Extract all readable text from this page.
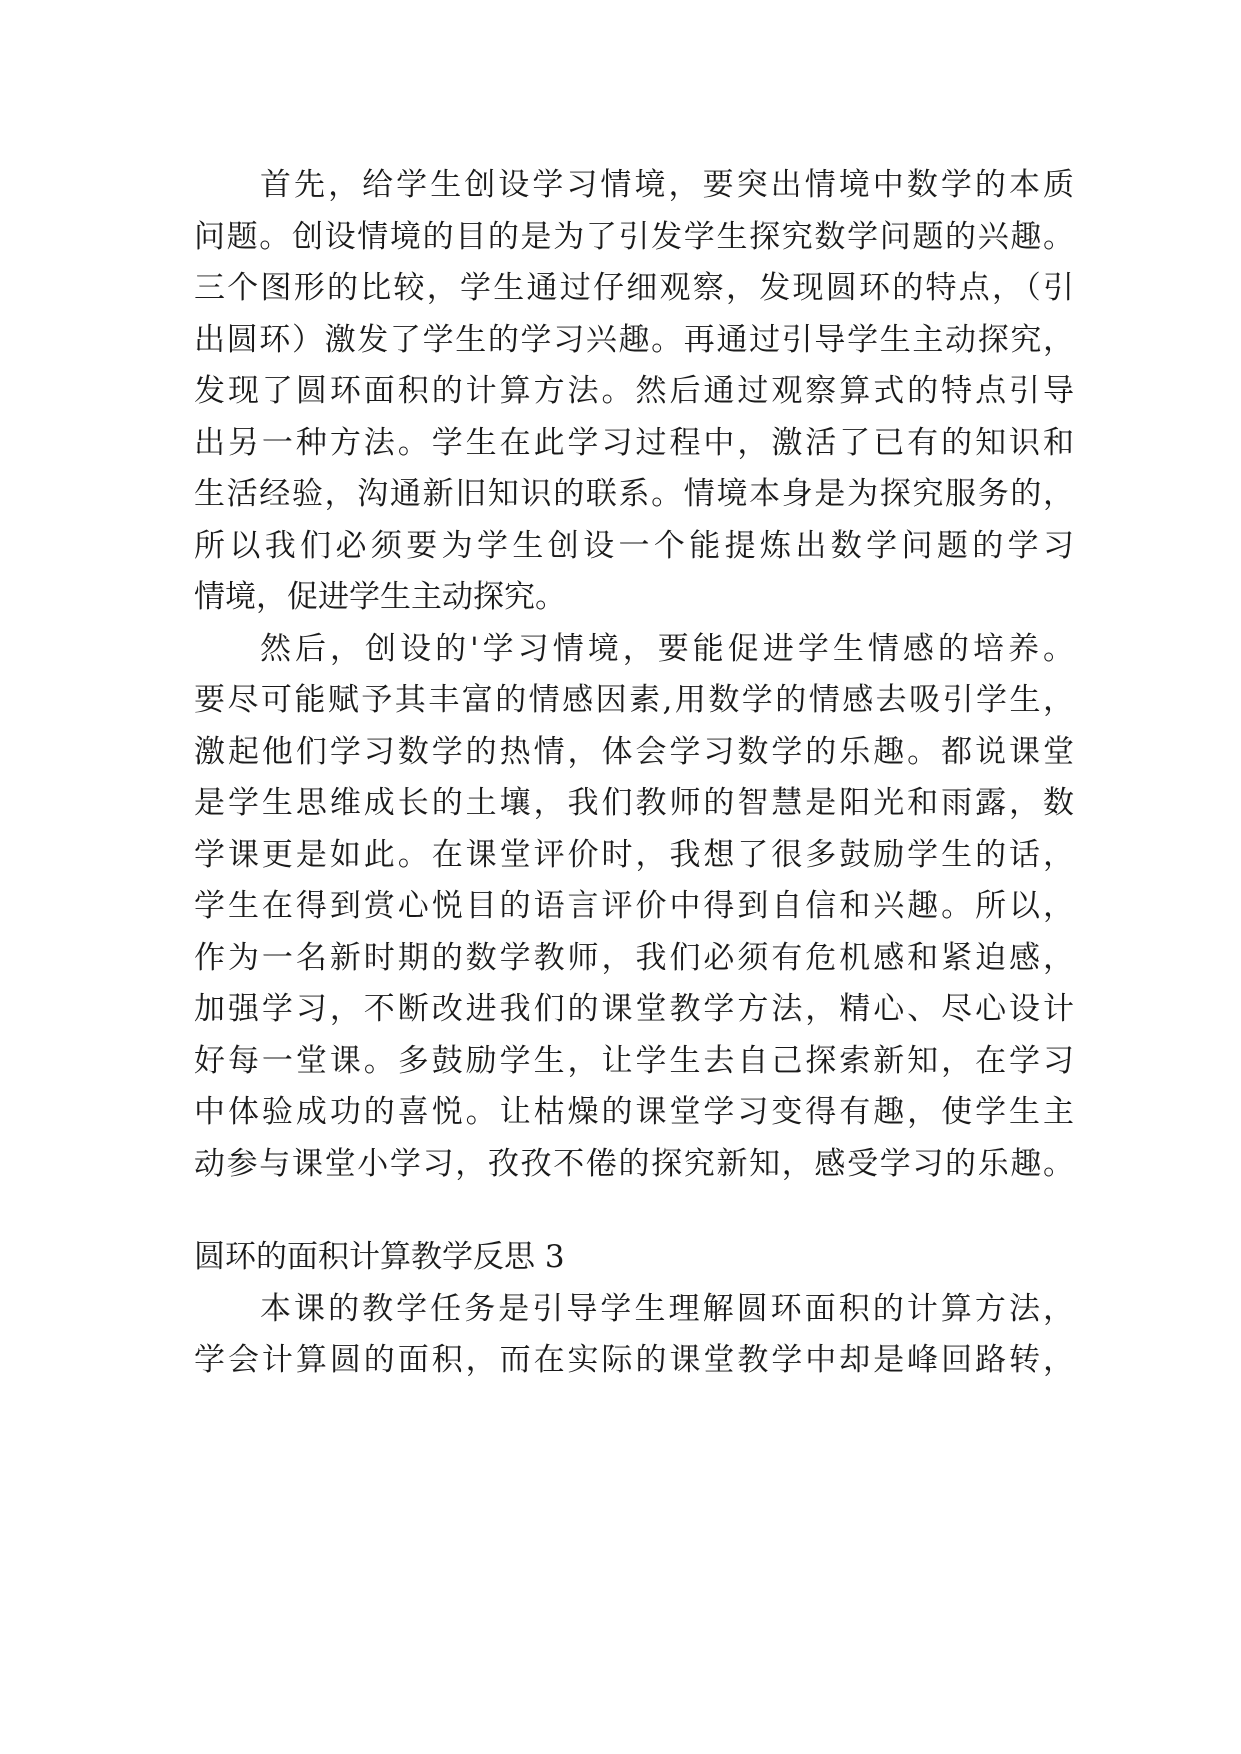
首先，给学生创设学习情境，要突出情境中数学的本质
问题。创设情境的目的是为了引发学生探究数学问题的兴趣。
三个图形的比较，学生通过仔细观察，发现圆环的特点，（引
出圆环）激发了学生的学习兴趣。再通过引导学生主动探究，
发现了圆环面积的计算方法。然后通过观察算式的特点引导
出另一种方法。学生在此学习过程中，激活了已有的知识和
生活经验，沟通新旧知识的联系。情境本身是为探究服务的，
所以我们必须要为学生创设一个能提炼出数学问题的学习
情境，促进学生主动探究。
然后，创设的'学习情境，要能促进学生情感的培养。
要尽可能赋予其丰富的情感因素,用数学的情感去吸引学生，
激起他们学习数学的热情，体会学习数学的乐趣。都说课堂
是学生思维成长的土壤，我们教师的智慧是阳光和雨露，数
学课更是如此。在课堂评价时，我想了很多鼓励学生的话，
学生在得到赏心悦目的语言评价中得到自信和兴趣。所以，
作为一名新时期的数学教师，我们必须有危机感和紧迫感，
加强学习，不断改进我们的课堂教学方法，精心、尽心设计
好每一堂课。多鼓励学生，让学生去自己探索新知，在学习
中体验成功的喜悦。让枯燥的课堂学习变得有趣，使学生主
动参与课堂小学习，孜孜不倦的探究新知，感受学习的乐趣。
圆环的面积计算教学反思 3
本课的教学任务是引导学生理解圆环面积的计算方法，
学会计算圆的面积，而在实际的课堂教学中却是峰回路转，
